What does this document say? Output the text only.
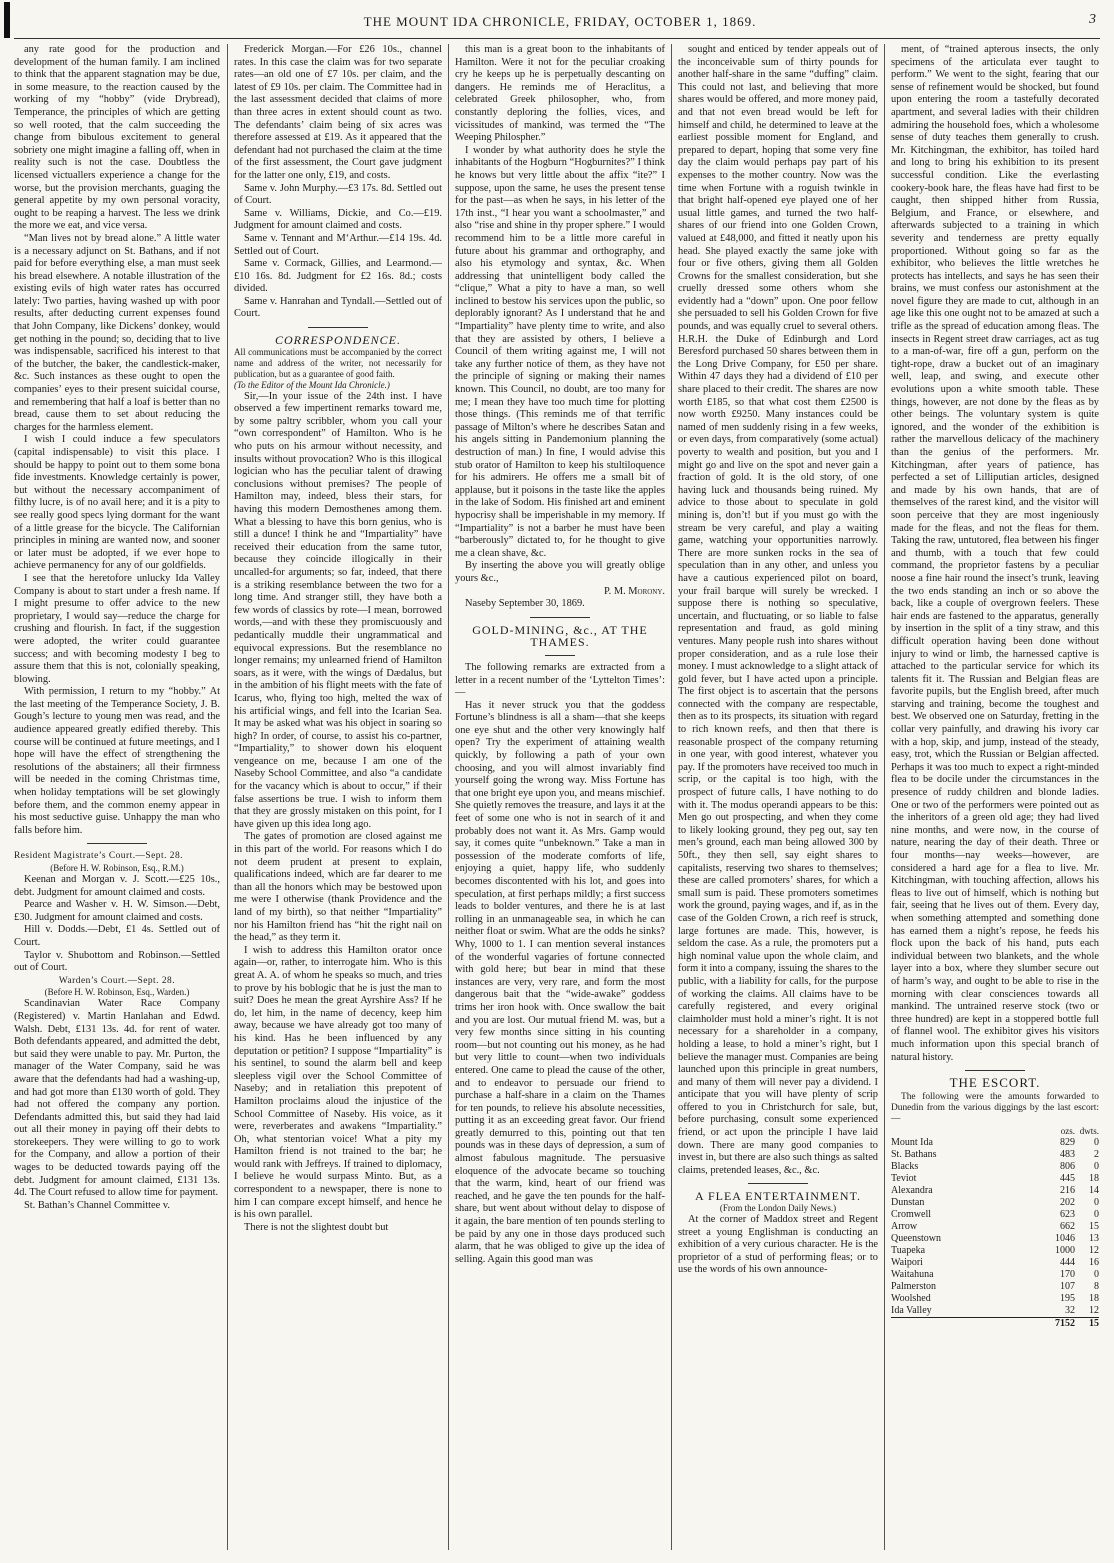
THE MOUNT IDA CHRONICLE, FRIDAY, OCTOBER 1, 1869.	3

any rate good for the production and development of the human family. I am inclined to think that the apparent stagnation may be due, in some measure, to the reaction caused by the working of my “hobby” (vide Drybread), Temperance, the principles of which are getting so well rooted, that the calm succeeding the change from bibulous excitement to general sobriety one might imagine a falling off, when in reality such is not the case. Doubtless the licensed victuallers experience a change for the worse, but the provision merchants, guaging the general appetite by my own personal voracity, ought to be reaping a harvest. The less we drink the more we eat, and vice versa.

“Man lives not by bread alone.” A little water is a necessary adjunct on St. Bathans, and if not paid for before everything else, a man must seek his bread elsewhere. A notable illustration of the existing evils of high water rates has occurred lately: Two parties, having washed up with poor results, after deducting current expenses found that John Company, like Dickens’ donkey, would get nothing in the pound; so, deciding that to live was indispensable, sacrificed his interest to that of the butcher, the baker, the candlestick-maker, &c. Such instances as these ought to open the companies’ eyes to their present suicidal course, and remembering that half a loaf is better than no bread, cause them to set about reducing the charges for the harmless element.

I wish I could induce a few speculators (capital indispensable) to visit this place. I should be happy to point out to them some bona fide investments. Knowledge certainly is power, but without the necessary accompaniment of filthy lucre, is of no avail here; and it is a pity to see really good specs lying dormant for the want of a little grease for the bicycle. The Californian principles in mining are wanted now, and sooner or later must be adopted, if we ever hope to achieve permanency for any of our goldfields.

I see that the heretofore unlucky Ida Valley Company is about to start under a fresh name. If I might presume to offer advice to the new proprietary, I would say—reduce the charge for crushing and flourish. In fact, if the suggestion were adopted, the writer could guarantee success; and with becoming modesty I beg to assure them that this is not, colonially speaking, blowing.

With permission, I return to my “hobby.” At the last meeting of the Temperance Society, J. B. Gough’s lecture to young men was read, and the audience appeared greatly edified thereby. This course will be continued at future meetings, and I hope will have the effect of strengthening the resolutions of the abstainers; all their firmness will be needed in the coming Christmas time, when holiday temptations will be set glowingly before them, and the common enemy appear in his most seductive guise. Unhappy the man who falls before him.

Resident Magistrate’s Court.—Sept. 28.

(Before H. W. Robinson, Esq., R.M.)

Keenan and Morgan v. J. Scott.—£25 10s., debt. Judgment for amount claimed and costs.

Pearce and Washer v. H. W. Simson.—Debt, £30. Judgment for amount claimed and costs.

Hill v. Dodds.—Debt, £1 4s. Settled out of Court.

Taylor v. Shubottom and Robinson.—Settled out of Court.

Warden’s Court.—Sept. 28.

(Before H. W. Robinson, Esq., Warden.)

Scandinavian Water Race Company (Registered) v. Martin Hanlahan and Edwd. Walsh. Debt, £131 13s. 4d. for rent of water. Both defendants appeared, and admitted the debt, but said they were unable to pay. Mr. Purton, the manager of the Water Company, said he was aware that the defendants had had a washing-up, and had got more than £130 worth of gold. They had not offered the company any portion. Defendants admitted this, but said they had laid out all their money in paying off their debts to storekeepers. They were willing to go to work for the Company, and allow a portion of their wages to be deducted towards paying off the debt. Judgment for amount claimed, £131 13s. 4d. The Court refused to allow time for payment.

St. Bathan’s Channel Committee v.

Frederick Morgan.—For £26 10s., channel rates. In this case the claim was for two separate rates—an old one of £7 10s. per claim, and the latest of £9 10s. per claim. The Committee had in the last assessment decided that claims of more than three acres in extent should count as two. The defendants’ claim being of six acres was therefore assessed at £19. As it appeared that the defendant had not purchased the claim at the time of the first assessment, the Court gave judgment for the latter one only, £19, and costs.

Same v. John Murphy.—£3 17s. 8d. Settled out of Court.

Same v. Williams, Dickie, and Co.—£19. Judgment for amount claimed and costs.

Same v. Tennant and M‘Arthur.—£14 19s. 4d. Settled out of Court.

Same v. Cormack, Gillies, and Learmond.—£10 16s. 8d. Judgment for £2 16s. 8d.; costs divided.

Same v. Hanrahan and Tyndall.—Settled out of Court.

CORRESPONDENCE.

All communications must be accompanied by the correct name and address of the writer, not necessarily for publication, but as a guarantee of good faith.

(To the Editor of the Mount Ida Chronicle.)

Sir,—In your issue of the 24th inst. I have observed a few impertinent remarks toward me, by some paltry scribbler, whom you call your “own correspondent” of Hamilton. Who is he who puts on his armour without necessity, and insults without provocation? Who is this illogical logician who has the peculiar talent of drawing conclusions without premises? The people of Hamilton may, indeed, bless their stars, for having this modern Demosthenes among them. What a blessing to have this born genius, who is still a dunce! I think he and “Impartiality” have received their education from the same tutor, because they coincide illogically in their uncalled-for arguments; so far, indeed, that there is a striking resemblance between the two for a long time. And stranger still, they have both a few words of classics by rote—I mean, borrowed words,—and with these they promiscuously and pedantically muddle their ungrammatical and equivocal expressions. But the resemblance no longer remains; my unlearned friend of Hamilton soars, as it were, with the wings of Dædalus, but in the ambition of his flight meets with the fate of Icarus, who, flying too high, melted the wax of his artificial wings, and fell into the Icarian Sea. It may be asked what was his object in soaring so high? In order, of course, to assist his co-partner, “Impartiality,” to shower down his eloquent vengeance on me, because I am one of the Naseby School Committee, and also “a candidate for the vacancy which is about to occur,” if their false assertions be true. I wish to inform them that they are grossly mistaken on this point, for I have given up this idea long ago.

The gates of promotion are closed against me in this part of the world. For reasons which I do not deem prudent at present to explain, qualifications indeed, which are far dearer to me than all the honors which may be bestowed upon me were I otherwise (thank Providence and the land of my birth), so that neither “Impartiality” nor his Hamilton friend has “hit the right nail on the head,” as they term it.

I wish to address this Hamilton orator once again—or, rather, to interrogate him. Who is this great A. A. of whom he speaks so much, and tries to prove by his boblogic that he is just the man to suit? Does he mean the great Ayrshire Ass? If he do, let him, in the name of decency, keep him away, because we have already got too many of his kind. Has he been influenced by any deputation or petition? I suppose “Impartiality” is his sentinel, to sound the alarm bell and keep sleepless vigil over the School Committee of Naseby; and in retaliation this prepotent of Hamilton proclaims aloud the injustice of the School Committee of Naseby. His voice, as it were, reverberates and awakens “Impartiality.” Oh, what stentorian voice! What a pity my Hamilton friend is not trained to the bar; he would rank with Jeffreys. If trained to diplomacy, I believe he would surpass Minto. But, as a correspondent to a newspaper, there is none to him I can compare except himself, and hence he is his own parallel.

There is not the slightest doubt but

this man is a great boon to the inhabitants of Hamilton. Were it not for the peculiar croaking cry he keeps up he is perpetually descanting on dangers. He reminds me of Heraclitus, a celebrated Greek philosopher, who, from constantly deploring the follies, vices, and vicissitudes of mankind, was termed the “The Weeping Philospher.”

I wonder by what authority does he style the inhabitants of the Hogburn “Hogburnites?” I think he knows but very little about the affix “ite?” I suppose, upon the same, he uses the present tense for the past—as when he says, in his letter of the 17th inst., “I hear you want a schoolmaster,” and also “rise and shine in thy proper sphere.” I would recommend him to be a little more careful in future about his grammar and orthography, and also his etymology and syntax, &c. When addressing that unintelligent body called the “clique,” What a pity to have a man, so well inclined to bestow his services upon the public, so deplorably ignorant? As I understand that he and “Impartiality” have plenty time to write, and also that they are assisted by others, I believe a Council of them writing against me, I will not take any further notice of them, as they have not the principle of signing or making their names known. This Council, no doubt, are too many for me; I mean they have too much time for plotting those things. (This reminds me of that terrific passage of Milton’s where he describes Satan and his angels sitting in Pandemonium planning the destruction of man.) In fine, I would advise this stub orator of Hamilton to keep his stultiloquence for his admirers. He offers me a small bit of applause, but it poisons in the taste like the apples in the lake of Sodom. His finished art and eminent hypocrisy shall be imperishable in my memory. If “Impartiality” is not a barber he must have been “barberously” dictated to, for he thought to give me a clean shave, &c.

By inserting the above you will greatly oblige yours &c.,

P. M. Morony.

Naseby September 30, 1869.

GOLD-MINING, &c., AT THE THAMES.

The following remarks are extracted from a letter in a recent number of the ‘Lyttelton Times’:—

Has it never struck you that the goddess Fortune’s blindness is all a sham—that she keeps one eye shut and the other very knowingly half open? Try the experiment of attaining wealth quickly, by following a path of your own choosing, and you will almost invariably find yourself going the wrong way. Miss Fortune has that one bright eye upon you, and means mischief. She quietly removes the treasure, and lays it at the feet of some one who is not in search of it and probably does not want it. As Mrs. Gamp would say, it comes quite “unbeknown.” Take a man in possession of the moderate comforts of life, enjoying a quiet, happy life, who suddenly becomes discontented with his lot, and goes into speculation, at first perhaps mildly; a first success leads to bolder ventures, and there he is at last rolling in an unmanageable sea, in which he can neither float or swim. What are the odds he sinks? Why, 1000 to 1. I can mention several instances of the wonderful vagaries of fortune connected with gold here; but bear in mind that these instances are very, very rare, and form the most dangerous bait that the “wide-awake” goddess trims her iron hook with. Once swallow the bait and you are lost. Our mutual friend M. was, but a very few months since sitting in his counting room—but not counting out his money, as he had but very little to count—when two individuals entered. One came to plead the cause of the other, and to endeavor to persuade our friend to purchase a half-share in a claim on the Thames for ten pounds, to relieve his absolute necessities, putting it as an exceeding great favor. Our friend greatly demurred to this, pointing out that ten pounds was in these days of depression, a sum of almost fabulous magnitude. The persuasive eloquence of the advocate became so touching that the warm, kind, heart of our friend was reached, and he gave the ten pounds for the half-share, but went about without delay to dispose of it again, the bare mention of ten pounds sterling to be paid by any one in those days produced such alarm, that he was obliged to give up the idea of selling. Again this good man was

sought and enticed by tender appeals out of the inconceivable sum of thirty pounds for another half-share in the same “duffing” claim. This could not last, and believing that more shares would be offered, and more money paid, and that not even bread would be left for himself and child, he determined to leave at the earliest possible moment for England, and prepared to depart, hoping that some very fine day the claim would perhaps pay part of his expenses to the mother country. Now was the time when Fortune with a roguish twinkle in that bright half-opened eye played one of her usual little games, and turned the two half-shares of our friend into one Golden Crown, valued at £48,000, and fitted it neatly upon his head. She played exactly the same joke with four or five others, giving them all Golden Crowns for the smallest consideration, but she cruelly dressed some others whom she evidently had a “down” upon. One poor fellow she persuaded to sell his Golden Crown for five pounds, and was equally cruel to several others. H.R.H. the Duke of Edinburgh and Lord Beresford purchased 50 shares between them in the Long Drive Company, for £50 per share. Within 47 days they had a dividend of £10 per share placed to their credit. The shares are now worth £185, so that what cost them £2500 is now worth £9250. Many instances could be named of men suddenly rising in a few weeks, or even days, from comparatively (some actual) poverty to wealth and position, but you and I might go and live on the spot and never gain a fraction of gold. It is the old story, of one having luck and thousands being ruined. My advice to those about to speculate in gold mining is, don’t! but if you must go with the stream be very careful, and play a waiting game, watching your opportunities narrowly. There are more sunken rocks in the sea of speculation than in any other, and unless you have a cautious experienced pilot on board, your frail barque will surely be wrecked. I suppose there is nothing so speculative, uncertain, and fluctuating, or so liable to false representation and fraud, as gold mining ventures. Many people rush into shares without proper consideration, and as a rule lose their money. I must acknowledge to a slight attack of gold fever, but I have acted upon a principle. The first object is to ascertain that the persons connected with the company are respectable, then as to its prospects, its situation with regard to rich known reefs, and then that there is reasonable prospect of the company returning in one year, with good interest, whatever you pay. If the promoters have received too much in scrip, or the capital is too high, with the prospect of future calls, I have nothing to do with it. The modus operandi appears to be this: Men go out prospecting, and when they come to likely looking ground, they peg out, say ten men’s ground, each man being allowed 300 by 50ft., they then sell, say eight shares to capitalists, reserving two shares to themselves; these are called promoters’ shares, for which a small sum is paid. These promoters sometimes work the ground, paying wages, and if, as in the case of the Golden Crown, a rich reef is struck, large fortunes are made. This, however, is seldom the case. As a rule, the promoters put a high nominal value upon the whole claim, and form it into a company, issuing the shares to the public, with a liability for calls, for the purpose of working the claims. All claims have to be carefully registered, and every original claimholder must hold a miner’s right. It is not necessary for a shareholder in a company, holding a lease, to hold a miner’s right, but I believe the manager must. Companies are being launched upon this principle in great numbers, and many of them will never pay a dividend. I anticipate that you will have plenty of scrip offered to you in Christchurch for sale, but, before purchasing, consult some experienced friend, or act upon the principle I have laid down. There are many good companies to invest in, but there are also such things as salted claims, pretended leases, &c., &c.

A FLEA ENTERTAINMENT.

(From the London Daily News.)

At the corner of Maddox street and Regent street a young Englishman is conducting an exhibition of a very curious character. He is the proprietor of a stud of performing fleas; or to use the words of his own announce-

ment, of “trained apterous insects, the only specimens of the articulata ever taught to perform.” We went to the sight, fearing that our sense of refinement would be shocked, but found upon entering the room a tastefully decorated apartment, and several ladies with their children admiring the household foes, which a wholesome sense of duty teaches them generally to crush. Mr. Kitchingman, the exhibitor, has toiled hard and long to bring his exhibition to its present successful condition. Like the everlasting cookery-book hare, the fleas have had first to be caught, then shipped hither from Russia, Belgium, and France, or elsewhere, and afterwards subjected to a training in which severity and tenderness are pretty equally proportioned. Without going so far as the exhibitor, who believes the little wretches he protects has intellects, and says he has seen their brains, we must confess our astonishment at the novel figure they are made to cut, although in an age like this one ought not to be amazed at such a trifle as the spread of education among fleas. The insects in Regent street draw carriages, act as tug to a man-of-war, fire off a gun, perform on the tight-rope, draw a bucket out of an imaginary well, leap, and swing, and execute other evolutions upon a white smooth table. These things, however, are not done by the fleas as by other beings. The voluntary system is quite ignored, and the wonder of the exhibition is rather the marvellous delicacy of the machinery than the genius of the performers. Mr. Kitchingman, after years of patience, has perfected a set of Lilliputian articles, designed and made by his own hands, that are of themselves of the rarest kind, and the visitor will soon perceive that they are most ingeniously made for the fleas, and not the fleas for them. Taking the raw, untutored, flea between his finger and thumb, with a touch that few could command, the proprietor fastens by a peculiar noose a fine hair round the insect’s trunk, leaving the two ends standing an inch or so above the back, like a couple of overgrown feelers. These hair ends are fastened to the apparatus, generally by insertion in the split of a tiny straw, and this difficult operation having been done without injury to wind or limb, the harnessed captive is attached to the particular service for which its talents fit it. The Russian and Belgian fleas are favorite pupils, but the English breed, after much starving and training, become the toughest and best. We observed one on Saturday, fretting in the collar very painfully, and drawing his ivory car with a hop, skip, and jump, instead of the steady, easy, trot, which the Russian or Belgian affected. Perhaps it was too much to expect a right-minded flea to be docile under the circumstances in the presence of ruddy children and blonde ladies. One or two of the performers were pointed out as the inheritors of a green old age; they had lived nine months, and were now, in the course of nature, nearing the day of their death. Three or four months—nay weeks—however, are considered a hard age for a flea to live. Mr. Kitchingman, with touching affection, allows his fleas to live out of himself, which is nothing but fair, seeing that he lives out of them. Every day, when something attempted and something done has earned them a night’s repose, he feeds his flock upon the back of his hand, puts each individual between two blankets, and the whole layer into a box, where they slumber secure out of harm’s way, and ought to be able to rise in the morning with clear consciences towards all mankind. The untrained reserve stock (two or three hundred) are kept in a stoppered bottle full of flannel wool. The exhibitor gives his visitors much information upon this special branch of natural history.

THE ESCORT.

The following were the amounts forwarded to Dunedin from the various diggings by the last escort:—

	ozs.	dwts.
Mount Ida	829	0
St. Bathans	483	2
Blacks	806	0
Teviot	445	18
Alexandra	216	14
Dunstan	202	0
Cromwell	623	0
Arrow	662	15
Queenstown	1046	13
Tuapeka	1000	12
Waipori	444	16
Waitahuna	170	0
Palmerston	107	8
Woolshed	195	18
Ida Valley	32	12
	7152	15
